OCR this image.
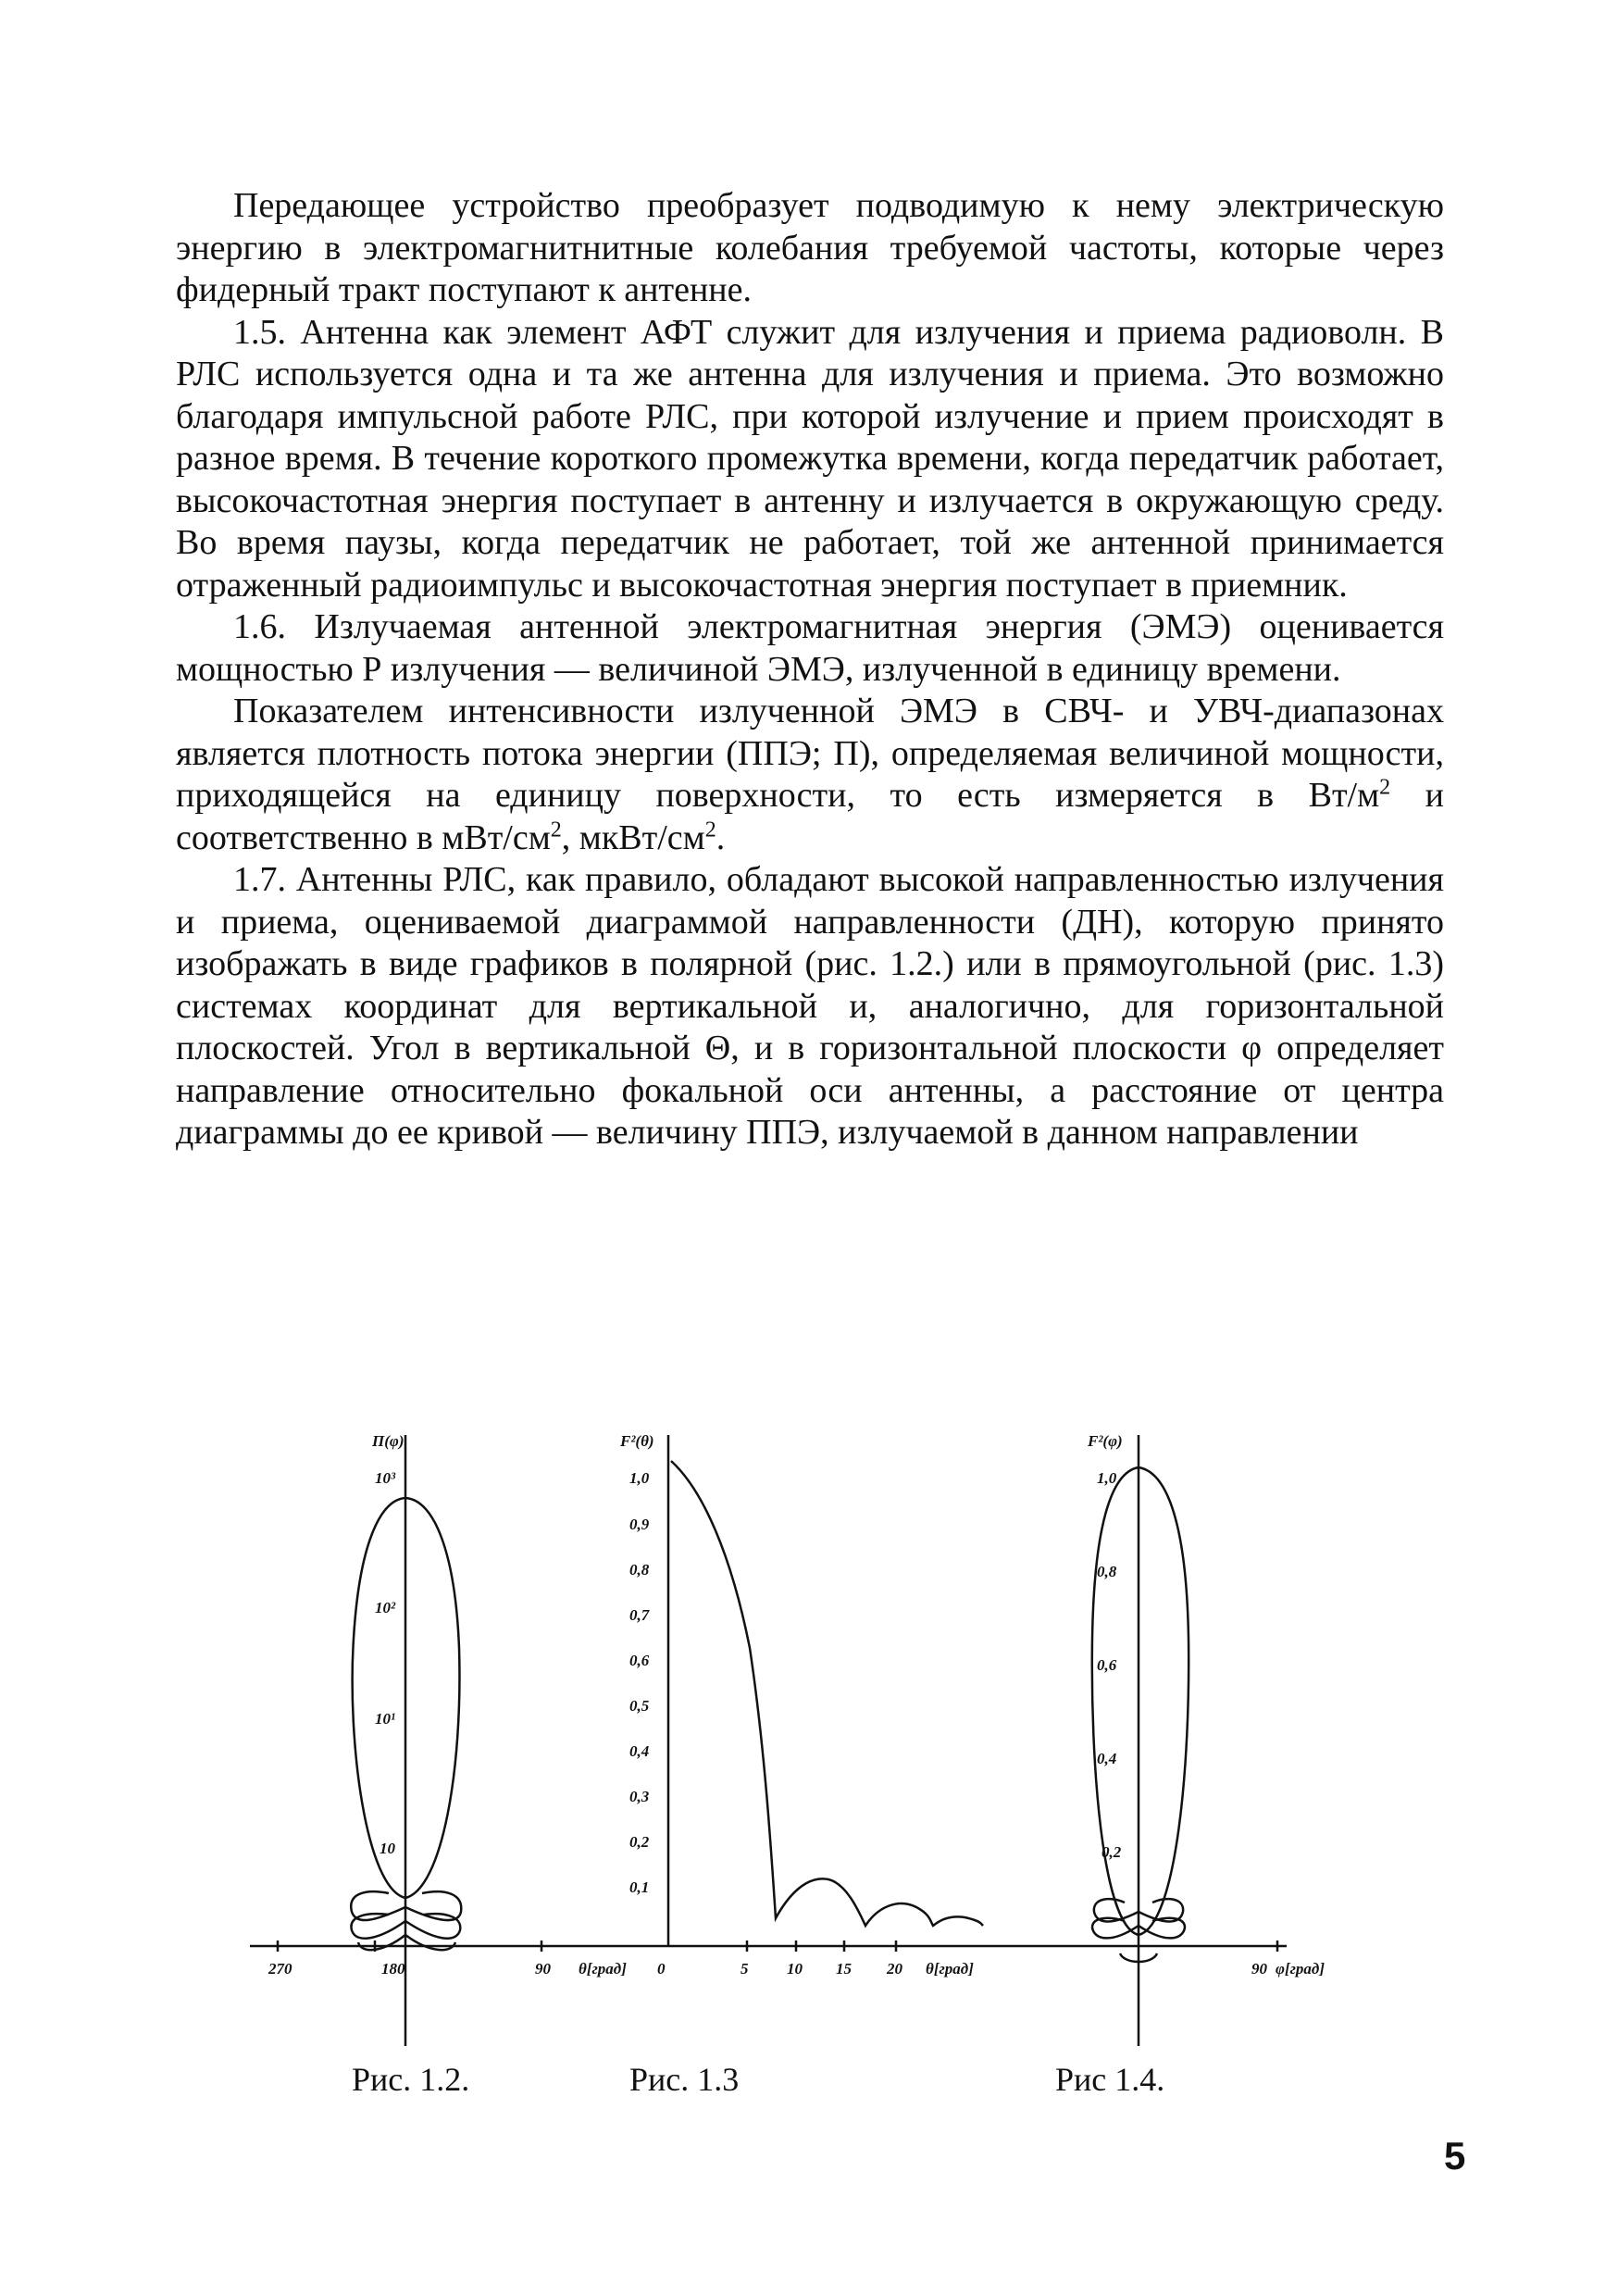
Передающее устройство преобразует подводимую к нему электрическую энергию в электромагнитнитные колебания требуемой частоты, которые через фидерный тракт поступают к антенне.

1.5. Антенна как элемент АФТ служит для излучения и приема радиоволн. В РЛС используется одна и та же антенна для излучения и приема. Это возможно благодаря импульсной работе РЛС, при которой излучение и прием происходят в разное время. В течение короткого промежутка времени, когда передатчик работает, высокочастотная энергия поступает в антенну и излучается в окружающую среду. Во время паузы, когда передатчик не работает, той же антенной принимается отраженный радиоимпульс и высокочастотная энергия поступает в приемник.

1.6. Излучаемая антенной электромагнитная энергия (ЭМЭ) оценивается мощностью Р излучения — величиной ЭМЭ, излученной в единицу времени.

Показателем интенсивности излученной ЭМЭ в СВЧ- и УВЧ-диапазонах является плотность потока энергии (ППЭ; П), определяемая величиной мощности, приходящейся на единицу поверхности, то есть измеряется в $Вт/м^2$ и соответственно в мВт/$см^2$, мкВт/$см^2$.

1.7. Антенны РЛС, как правило, обладают высокой направленностью излучения и приема, оцениваемой диаграммой направленности (ДН), которую принято изображать в виде графиков в полярной (рис. 1.2.) или в прямоугольной (рис. 1.3) системах координат для вертикальной и, аналогично, для горизонтальной плоскостей. Угол в вертикальной Θ, и в горизонтальной плоскости φ определяет направление относительно фокальной оси антенны, а расстояние от центра диаграммы до ее кривой — величину ППЭ, излучаемой в данном направлении

П(φ)
10³
10²
10¹
10
270	180	90 θ[град]
F²(θ)
1,0
0,9
0,8
0,7
0,6
0,5
0,4
0,3
0,2
0,1
0	5 10 15 20 θ[град]
F²(φ)
1,0
0,8
0,6
0,4
0,2
90 φ[град]
Рис. 1.2.	Рис. 1.3	Рис 1.4.
5
